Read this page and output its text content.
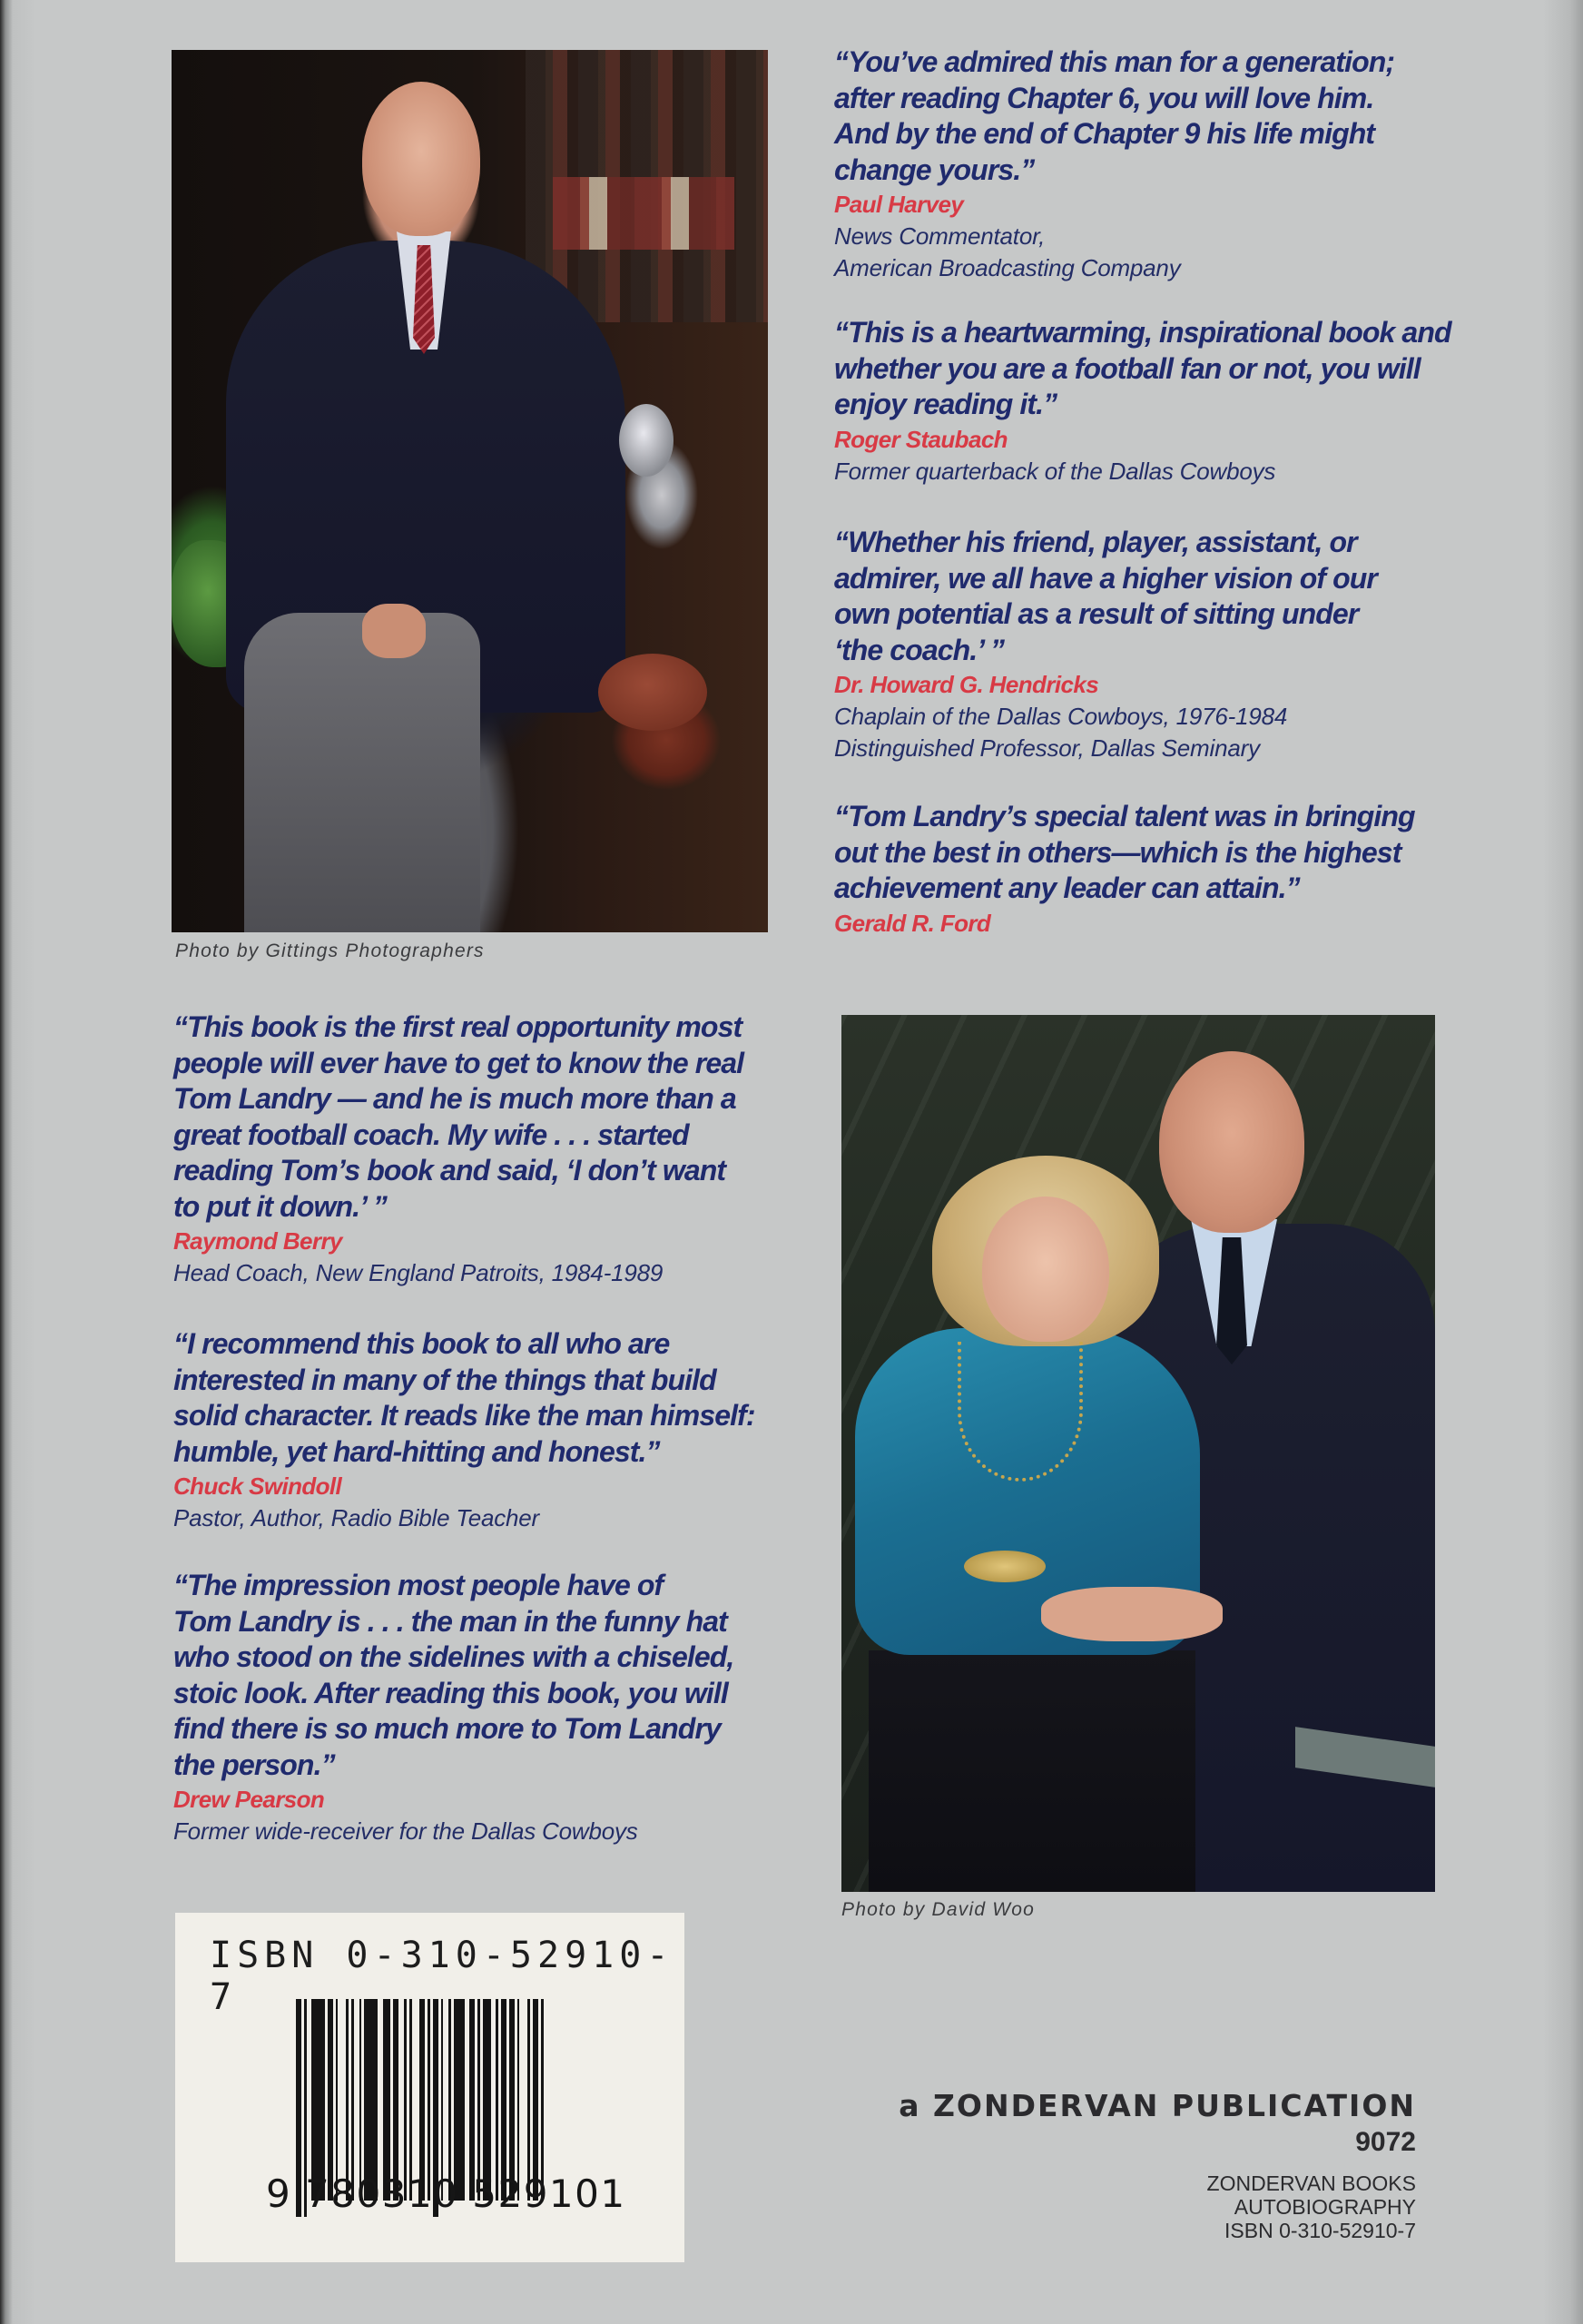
Photo by Gittings Photographers
“You’ve admired this man for a generation;
after reading Chapter 6, you will love him.
And by the end of Chapter 9 his life might
change yours.”
Paul Harvey
News Commentator,
American Broadcasting Company
“This is a heartwarming, inspirational book and
whether you are a football fan or not, you will
enjoy reading it.”
Roger Staubach
Former quarterback of the Dallas Cowboys
“Whether his friend, player, assistant, or
admirer, we all have a higher vision of our
own potential as a result of sitting under
‘the coach.’ ”
Dr. Howard G. Hendricks
Chaplain of the Dallas Cowboys, 1976-1984
Distinguished Professor, Dallas Seminary
“Tom Landry’s special talent was in bringing
out the best in others—which is the highest
achievement any leader can attain.”
Gerald R. Ford
“This book is the first real opportunity most
people will ever have to get to know the real
Tom Landry — and he is much more than a
great football coach. My wife . . . started
reading Tom’s book and said, ‘I don’t want
to put it down.’ ”
Raymond Berry
Head Coach, New England Patroits, 1984-1989
“I recommend this book to all who are
interested in many of the things that build
solid character. It reads like the man himself:
humble, yet hard-hitting and honest.”
Chuck Swindoll
Pastor, Author, Radio Bible Teacher
“The impression most people have of
Tom Landry is . . . the man in the funny hat
who stood on the sidelines with a chiseled,
stoic look. After reading this book, you will
find there is so much more to Tom Landry
the person.”
Drew Pearson
Former wide-receiver for the Dallas Cowboys
Photo by David Woo
ISBN 0-310-52910-7
9 780310 529101
a ZONDERVAN PUBLICATION
9072
ZONDERVAN BOOKS
AUTOBIOGRAPHY
ISBN 0-310-52910-7
